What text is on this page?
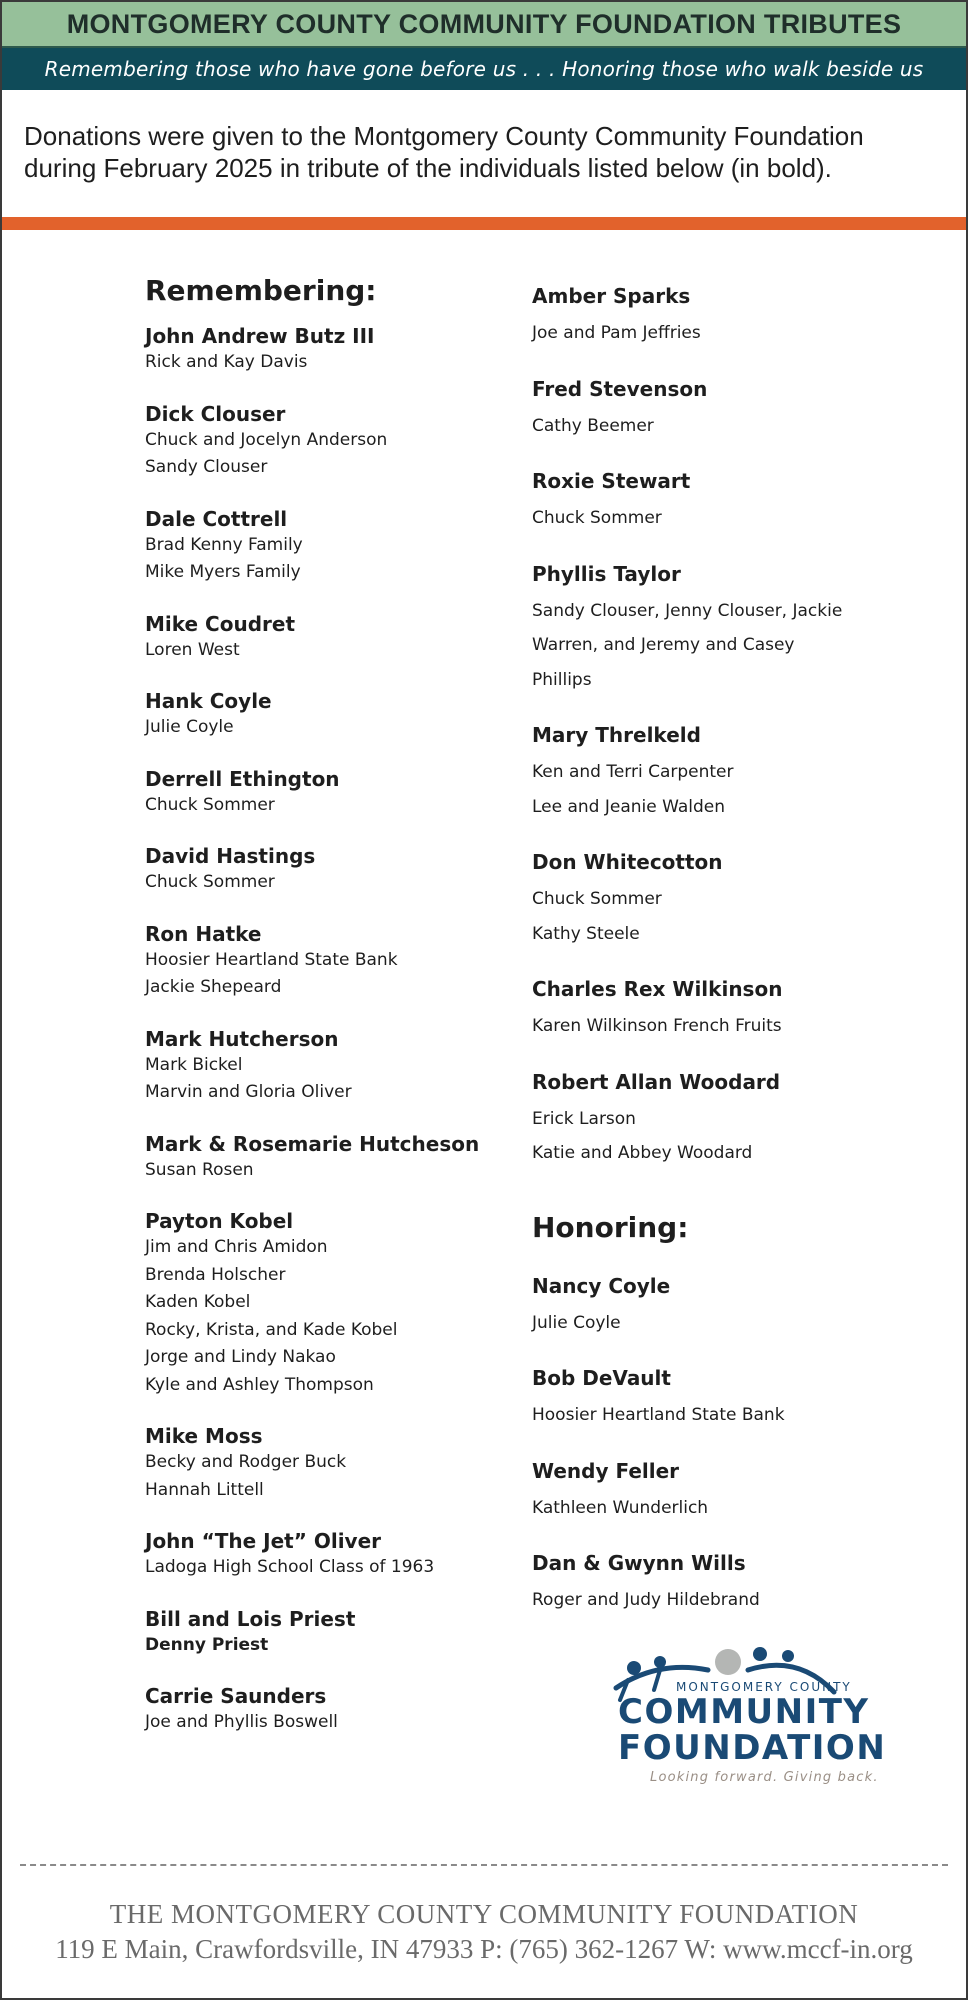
MONTGOMERY COUNTY COMMUNITY FOUNDATION TRIBUTES
Remembering those who have gone before us . . . Honoring those who walk beside us
Donations were given to the Montgomery County Community Foundation
during February 2025 in tribute of the individuals listed below (in bold).
Remembering:
John Andrew Butz III
Rick and Kay Davis
Dick Clouser
Chuck and Jocelyn Anderson
Sandy Clouser
Dale Cottrell
Brad Kenny Family
Mike Myers Family
Mike Coudret
Loren West
Hank Coyle
Julie Coyle
Derrell Ethington
Chuck Sommer
David Hastings
Chuck Sommer
Ron Hatke
Hoosier Heartland State Bank
Jackie Shepeard
Mark Hutcherson
Mark Bickel
Marvin and Gloria Oliver
Mark & Rosemarie Hutcheson
Susan Rosen
Payton Kobel
Jim and Chris Amidon
Brenda Holscher
Kaden Kobel
Rocky, Krista, and Kade Kobel
Jorge and Lindy Nakao
Kyle and Ashley Thompson
Mike Moss
Becky and Rodger Buck
Hannah Littell
John “The Jet” Oliver
Ladoga High School Class of 1963
Bill and Lois Priest
Denny Priest
Carrie Saunders
Joe and Phyllis Boswell
Amber Sparks
Joe and Pam Jeffries
Fred Stevenson
Cathy Beemer
Roxie Stewart
Chuck Sommer
Phyllis Taylor
Sandy Clouser, Jenny Clouser, Jackie
Warren, and Jeremy and Casey
Phillips
Mary Threlkeld
Ken and Terri Carpenter
Lee and Jeanie Walden
Don Whitecotton
Chuck Sommer
Kathy Steele
Charles Rex Wilkinson
Karen Wilkinson French Fruits
Robert Allan Woodard
Erick Larson
Katie and Abbey Woodard
Honoring:
Nancy Coyle
Julie Coyle
Bob DeVault
Hoosier Heartland State Bank
Wendy Feller
Kathleen Wunderlich
Dan & Gwynn Wills
Roger and Judy Hildebrand
MONTGOMERY COUNTY
COMMUNITY
FOUNDATION
Looking forward. Giving back.
THE MONTGOMERY COUNTY COMMUNITY FOUNDATION
119 E Main, Crawfordsville, IN 47933 P: (765) 362-1267 W: www.mccf-in.org
